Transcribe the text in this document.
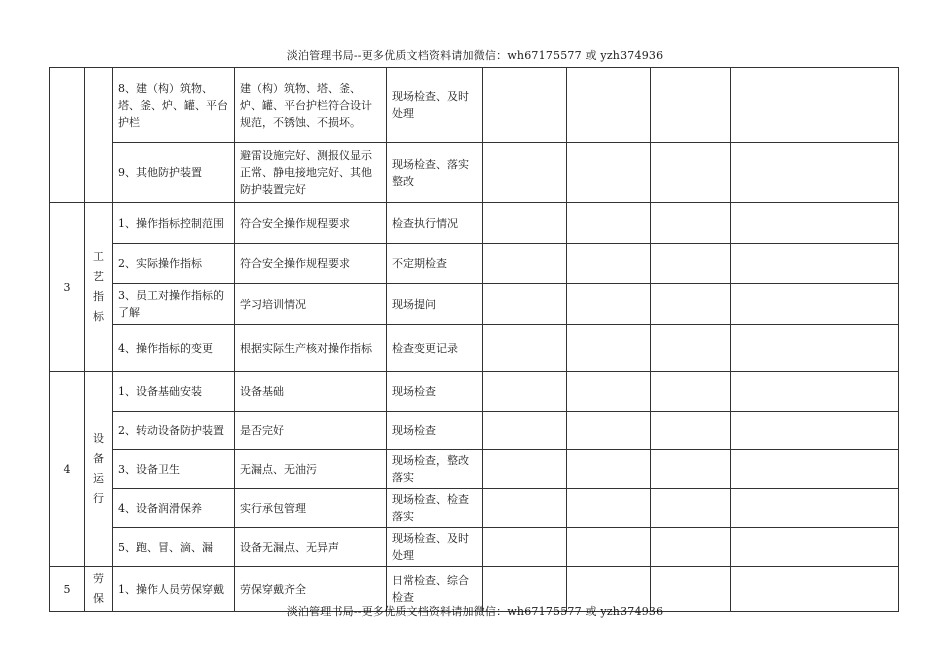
淡泊管理书局--更多优质文档资料请加微信：wh67175577 或 yzh374936
		8、建（构）筑物、塔、釜、炉、罐、平台护栏	建（构）筑物、塔、釜、炉、罐、平台护栏符合设计规范，不锈蚀、不损坏。	现场检查、及时处理				
		9、其他防护装置	避雷设施完好、测报仪显示正常、静电接地完好、其他防护装置完好	现场检查、落实整改				
3	工艺指标	1、操作指标控制范围	符合安全操作规程要求	检查执行情况				
		2、实际操作指标	符合安全操作规程要求	不定期检查				
		3、员工对操作指标的了解	学习培训情况	现场提问				
		4、操作指标的变更	根据实际生产核对操作指标	检查变更记录				
4	设备运行	1、设备基础安装	设备基础	现场检查				
		2、转动设备防护装置	是否完好	现场检查				
		3、设备卫生	无漏点、无油污	现场检查，整改落实				
		4、设备润滑保养	实行承包管理	现场检查、检查落实				
		5、跑、冒、滴、漏	设备无漏点、无异声	现场检查、及时处理				
5	劳保	1、操作人员劳保穿戴	劳保穿戴齐全	日常检查、综合检查				
淡泊管理书局--更多优质文档资料请加微信：wh67175577 或 yzh374936
